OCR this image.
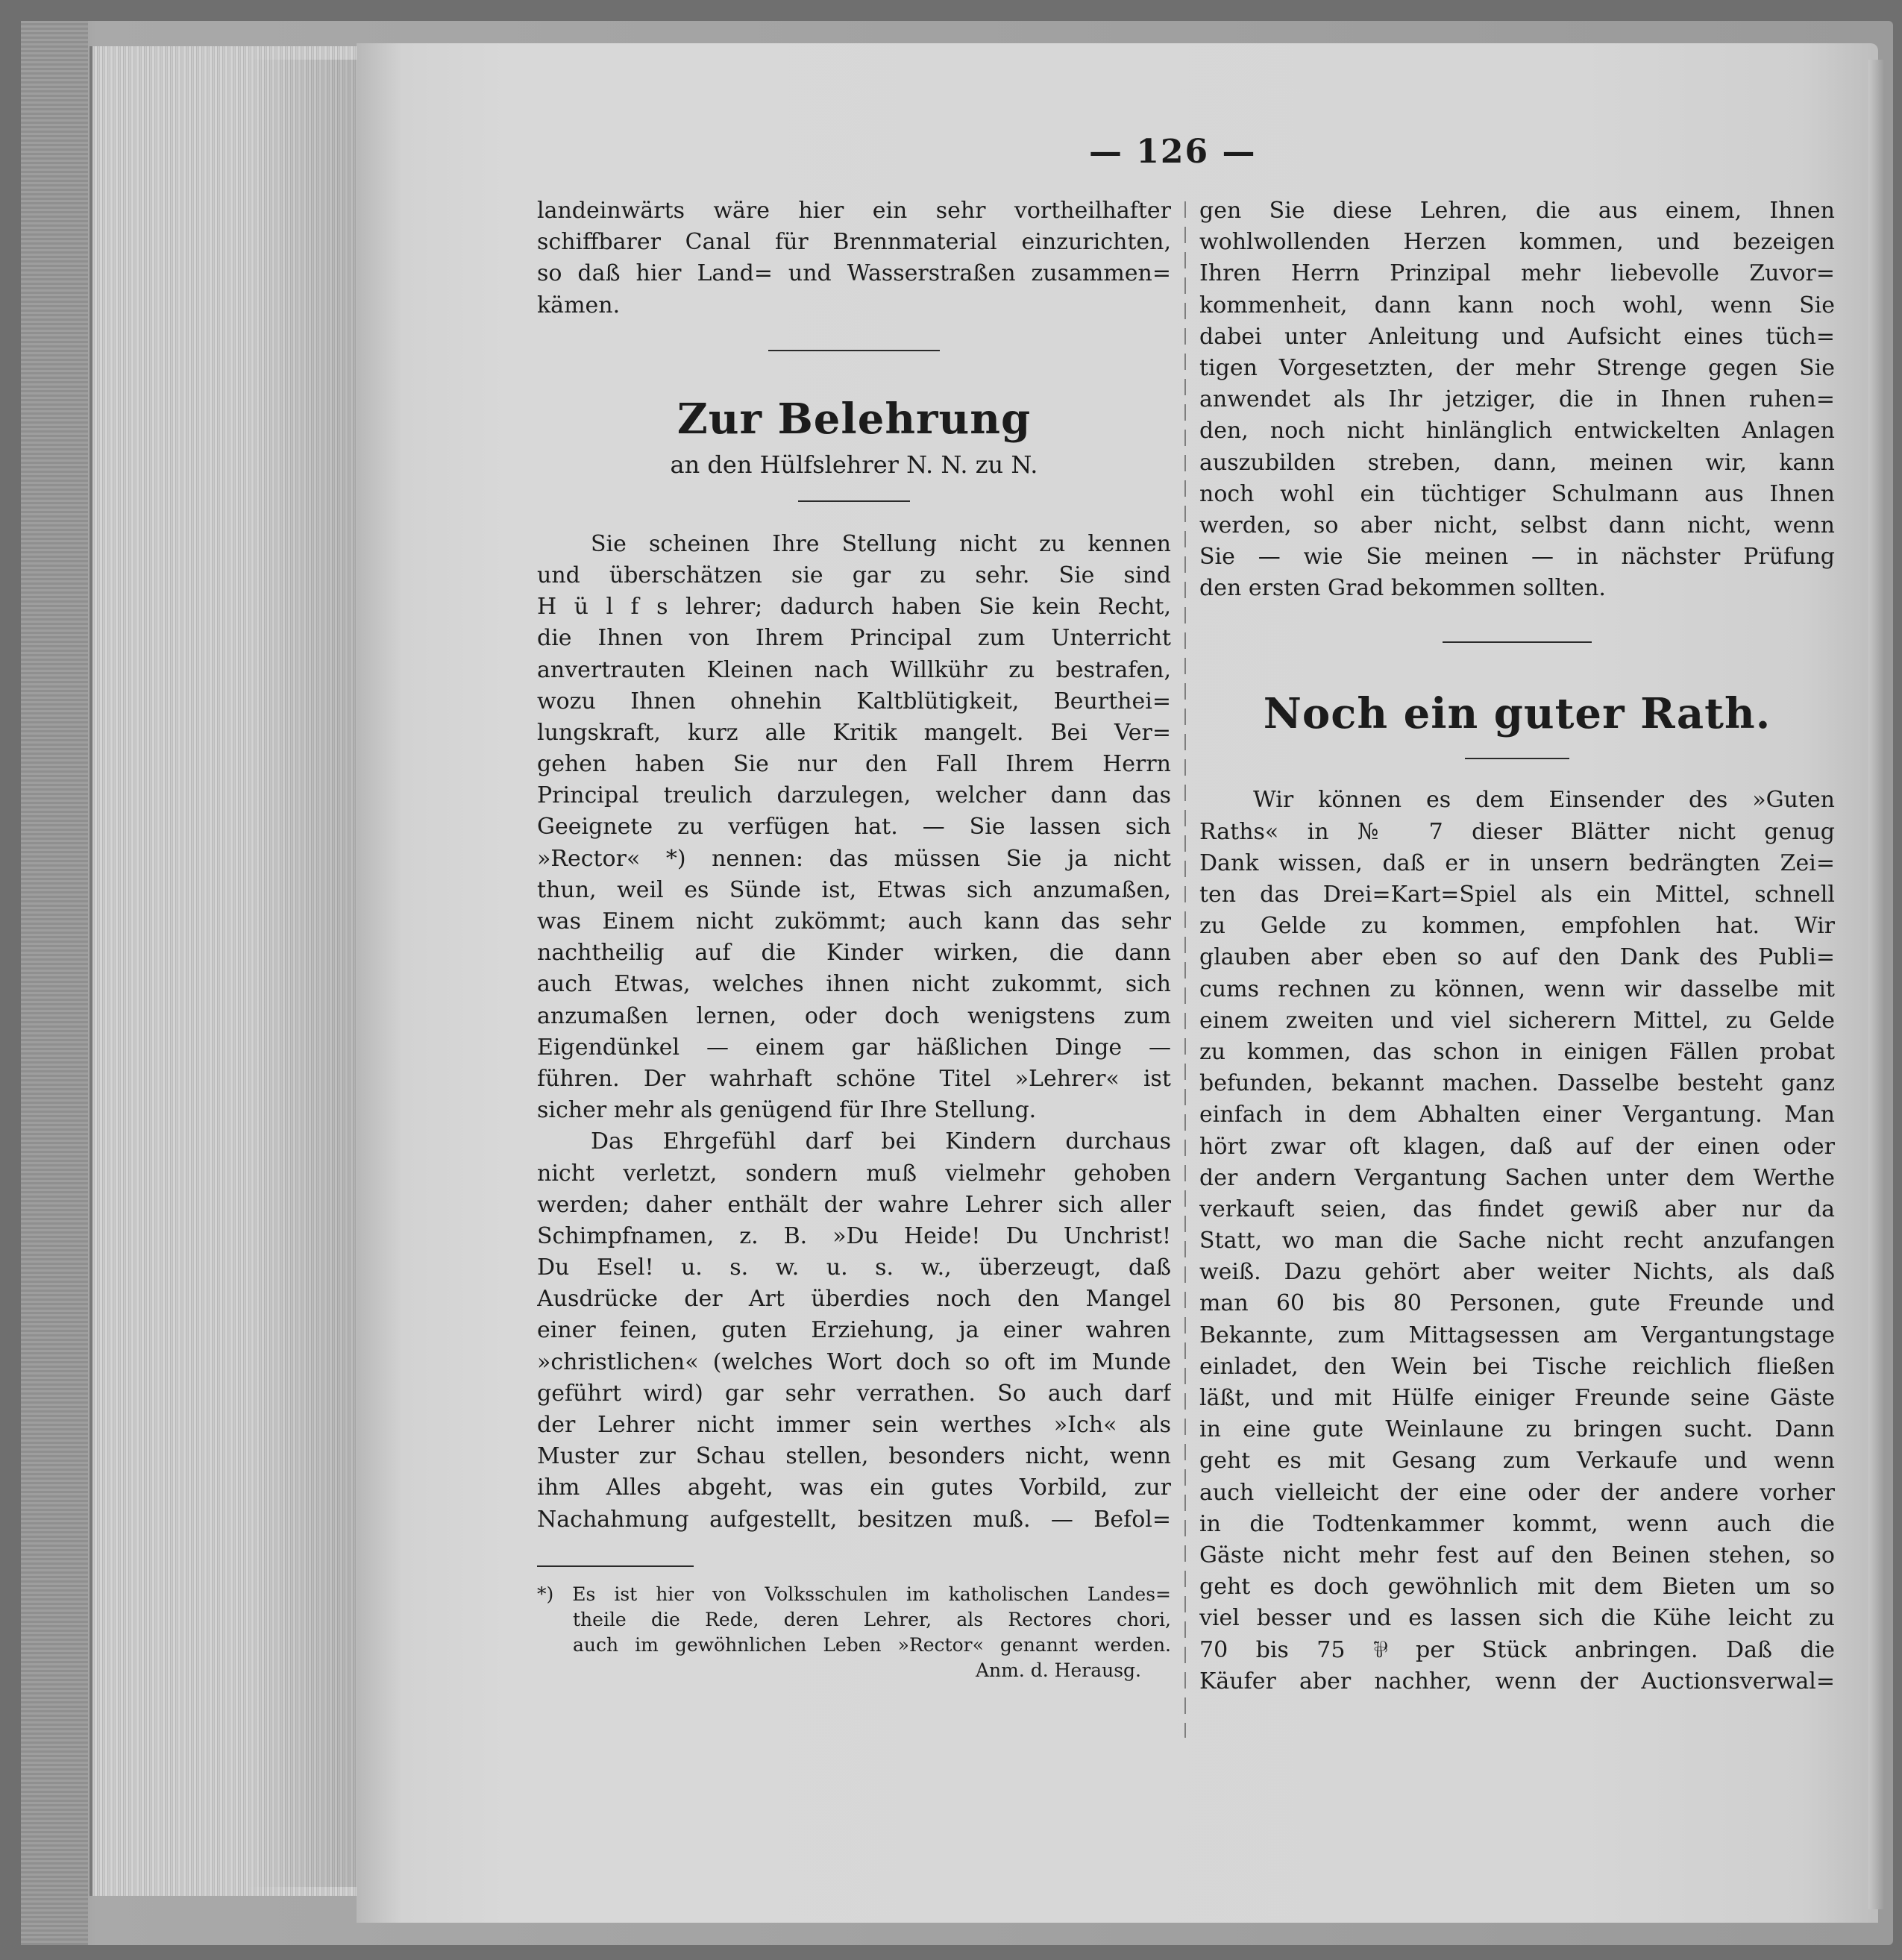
— 126 —
landeinwärts wäre hier ein sehr vortheilhafter
schiffbarer Canal für Brennmaterial einzurichten,
so daß hier Land= und Wasserstraßen zusammen=
kämen.
Zur Belehrung
an den Hülfslehrer N. N. zu N.
Sie scheinen Ihre Stellung nicht zu kennen
und überschätzen sie gar zu sehr. Sie sind
H ü l f s lehrer; dadurch haben Sie kein Recht,
die Ihnen von Ihrem Principal zum Unterricht
anvertrauten Kleinen nach Willkühr zu bestrafen,
wozu Ihnen ohnehin Kaltblütigkeit, Beurthei=
lungskraft, kurz alle Kritik mangelt. Bei Ver=
gehen haben Sie nur den Fall Ihrem Herrn
Principal treulich darzulegen, welcher dann das
Geeignete zu verfügen hat. — Sie lassen sich
»Rector« *) nennen: das müssen Sie ja nicht
thun, weil es Sünde ist, Etwas sich anzumaßen,
was Einem nicht zukömmt; auch kann das sehr
nachtheilig auf die Kinder wirken, die dann
auch Etwas, welches ihnen nicht zukommt, sich
anzumaßen lernen, oder doch wenigstens zum
Eigendünkel — einem gar häßlichen Dinge —
führen. Der wahrhaft schöne Titel »Lehrer« ist
sicher mehr als genügend für Ihre Stellung.
Das Ehrgefühl darf bei Kindern durchaus
nicht verletzt, sondern muß vielmehr gehoben
werden; daher enthält der wahre Lehrer sich aller
Schimpfnamen, z. B. »Du Heide! Du Unchrist!
Du Esel! u. s. w. u. s. w., überzeugt, daß
Ausdrücke der Art überdies noch den Mangel
einer feinen, guten Erziehung, ja einer wahren
»christlichen« (welches Wort doch so oft im Munde
geführt wird) gar sehr verrathen. So auch darf
der Lehrer nicht immer sein werthes »Ich« als
Muster zur Schau stellen, besonders nicht, wenn
ihm Alles abgeht, was ein gutes Vorbild, zur
Nachahmung aufgestellt, besitzen muß. — Befol=
*) Es ist hier von Volksschulen im katholischen Landes=
theile die Rede, deren Lehrer, als Rectores chori,
auch im gewöhnlichen Leben »Rector« genannt werden.
Anm. d. Herausg.
gen Sie diese Lehren, die aus einem, Ihnen
wohlwollenden Herzen kommen, und bezeigen
Ihren Herrn Prinzipal mehr liebevolle Zuvor=
kommenheit, dann kann noch wohl, wenn Sie
dabei unter Anleitung und Aufsicht eines tüch=
tigen Vorgesetzten, der mehr Strenge gegen Sie
anwendet als Ihr jetziger, die in Ihnen ruhen=
den, noch nicht hinlänglich entwickelten Anlagen
auszubilden streben, dann, meinen wir, kann
noch wohl ein tüchtiger Schulmann aus Ihnen
werden, so aber nicht, selbst dann nicht, wenn
Sie — wie Sie meinen — in nächster Prüfung
den ersten Grad bekommen sollten.
Noch ein guter Rath.
Wir können es dem Einsender des »Guten
Raths« in № 7 dieser Blätter nicht genug
Dank wissen, daß er in unsern bedrängten Zei=
ten das Drei=Kart=Spiel als ein Mittel, schnell
zu Gelde zu kommen, empfohlen hat. Wir
glauben aber eben so auf den Dank des Publi=
cums rechnen zu können, wenn wir dasselbe mit
einem zweiten und viel sicherern Mittel, zu Gelde
zu kommen, das schon in einigen Fällen probat
befunden, bekannt machen. Dasselbe besteht ganz
einfach in dem Abhalten einer Vergantung. Man
hört zwar oft klagen, daß auf der einen oder
der andern Vergantung Sachen unter dem Werthe
verkauft seien, das findet gewiß aber nur da
Statt, wo man die Sache nicht recht anzufangen
weiß. Dazu gehört aber weiter Nichts, als daß
man 60 bis 80 Personen, gute Freunde und
Bekannte, zum Mittagsessen am Vergantungstage
einladet, den Wein bei Tische reichlich fließen
läßt, und mit Hülfe einiger Freunde seine Gäste
in eine gute Weinlaune zu bringen sucht. Dann
geht es mit Gesang zum Verkaufe und wenn
auch vielleicht der eine oder der andere vorher
in die Todtenkammer kommt, wenn auch die
Gäste nicht mehr fest auf den Beinen stehen, so
geht es doch gewöhnlich mit dem Bieten um so
viel besser und es lassen sich die Kühe leicht zu
70 bis 75 ⅌ per Stück anbringen. Daß die
Käufer aber nachher, wenn der Auctionsverwal=
